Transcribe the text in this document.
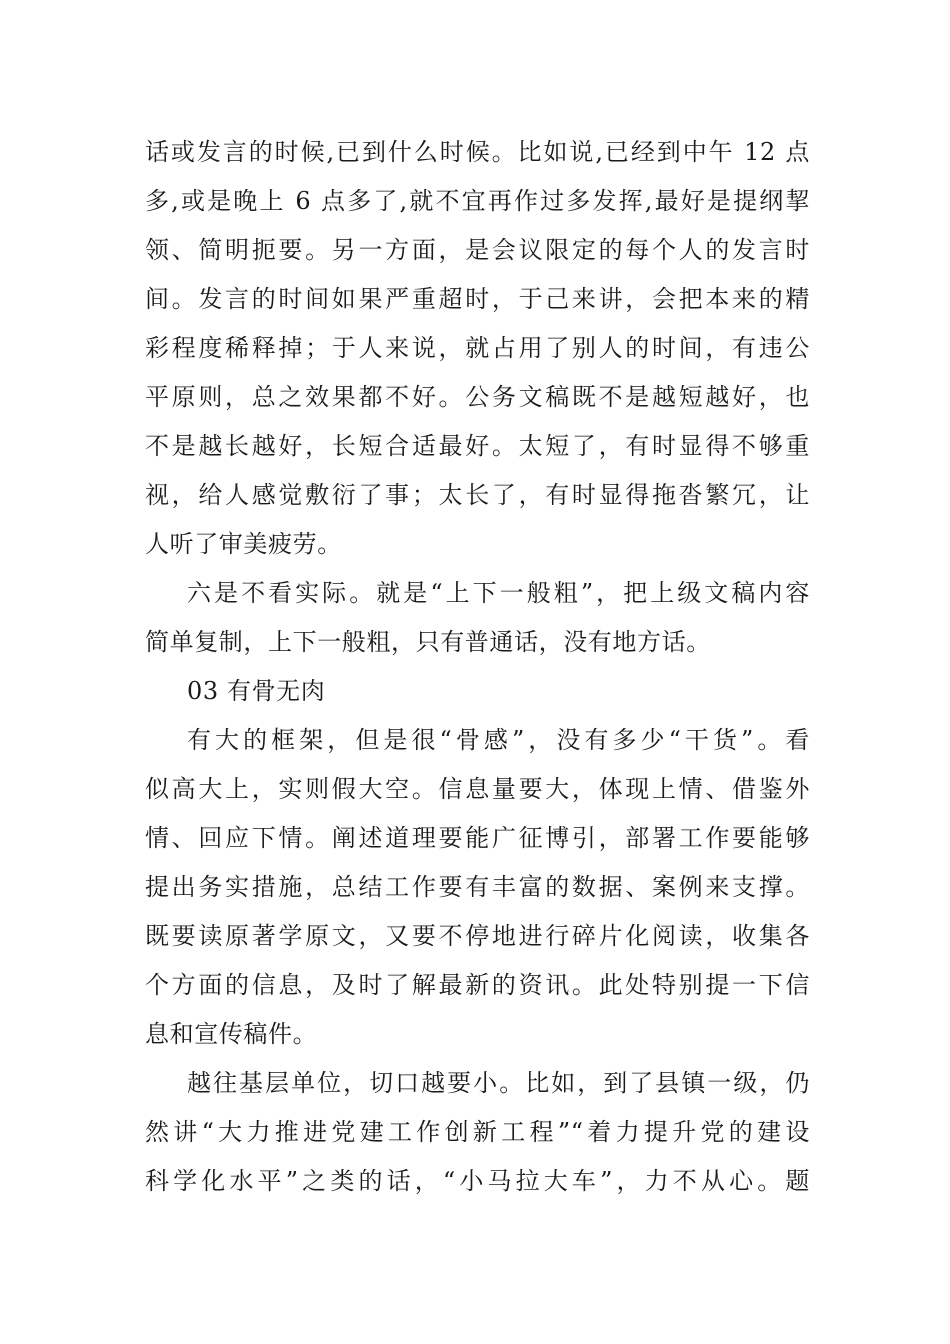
话或发言的时候,已到什么时候。比如说,已经到中午 12 点
多,或是晚上 6 点多了,就不宜再作过多发挥,最好是提纲挈
领、简明扼要。另一方面，是会议限定的每个人的发言时
间。发言的时间如果严重超时，于己来讲，会把本来的精
彩程度稀释掉；于人来说，就占用了别人的时间，有违公
平原则，总之效果都不好。公务文稿既不是越短越好，也
不是越长越好，长短合适最好。太短了，有时显得不够重
视，给人感觉敷衍了事；太长了，有时显得拖沓繁冗，让
人听了审美疲劳。
六是不看实际。就是“上下一般粗”，把上级文稿内容
简单复制，上下一般粗，只有普通话，没有地方话。
03 有骨无肉
有大的框架，但是很“骨感”，没有多少“干货”。看
似高大上，实则假大空。信息量要大，体现上情、借鉴外
情、回应下情。阐述道理要能广征博引，部署工作要能够
提出务实措施，总结工作要有丰富的数据、案例来支撑。
既要读原著学原文，又要不停地进行碎片化阅读，收集各
个方面的信息，及时了解最新的资讯。此处特别提一下信
息和宣传稿件。
越往基层单位，切口越要小。比如，到了县镇一级，仍
然讲“大力推进党建工作创新工程”“着力提升党的建设
科学化水平”之类的话，“小马拉大车”，力不从心。题
